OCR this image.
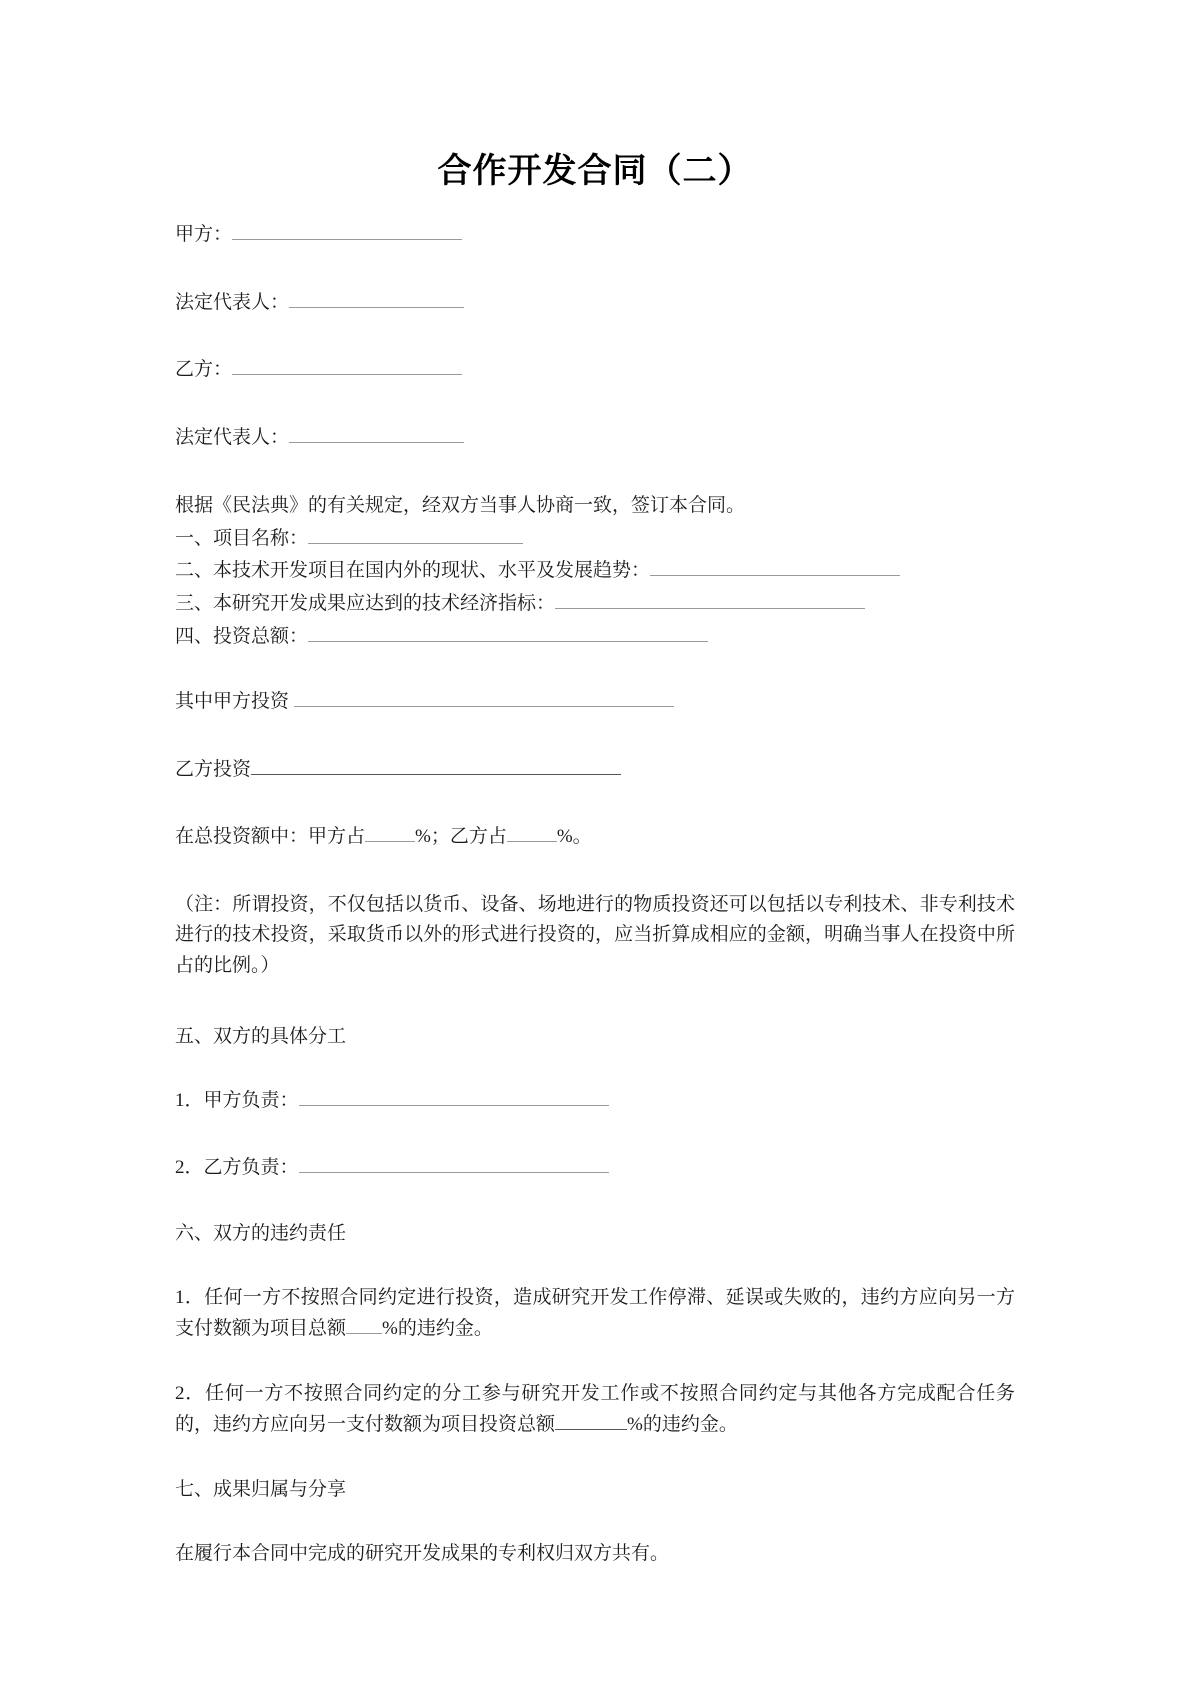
合作开发合同（二）
甲方：
法定代表人：
乙方：
法定代表人：
根据《民法典》的有关规定，经双方当事人协商一致，签订本合同。
一、项目名称：
二、本技术开发项目在国内外的现状、水平及发展趋势：
三、本研究开发成果应达到的技术经济指标：
四、投资总额：
其中甲方投资
乙方投资
在总投资额中：甲方占	%；乙方占	%。
（注：所谓投资，不仅包括以货币、设备、场地进行的物质投资还可以包括以专利技术、非专利技术进行的技术投资，采取货币以外的形式进行投资的，应当折算成相应的金额，明确当事人在投资中所占的比例。）
五、双方的具体分工
1．甲方负责：
2．乙方负责：
六、双方的违约责任
1．任何一方不按照合同约定进行投资，造成研究开发工作停滞、延误或失败的，违约方应向另一方支付数额为项目总额 %的违约金。
2．任何一方不按照合同约定的分工参与研究开发工作或不按照合同约定与其他各方完成配合任务的，违约方应向另一支付数额为项目投资总额	%的违约金。
七、成果归属与分享
在履行本合同中完成的研究开发成果的专利权归双方共有。
